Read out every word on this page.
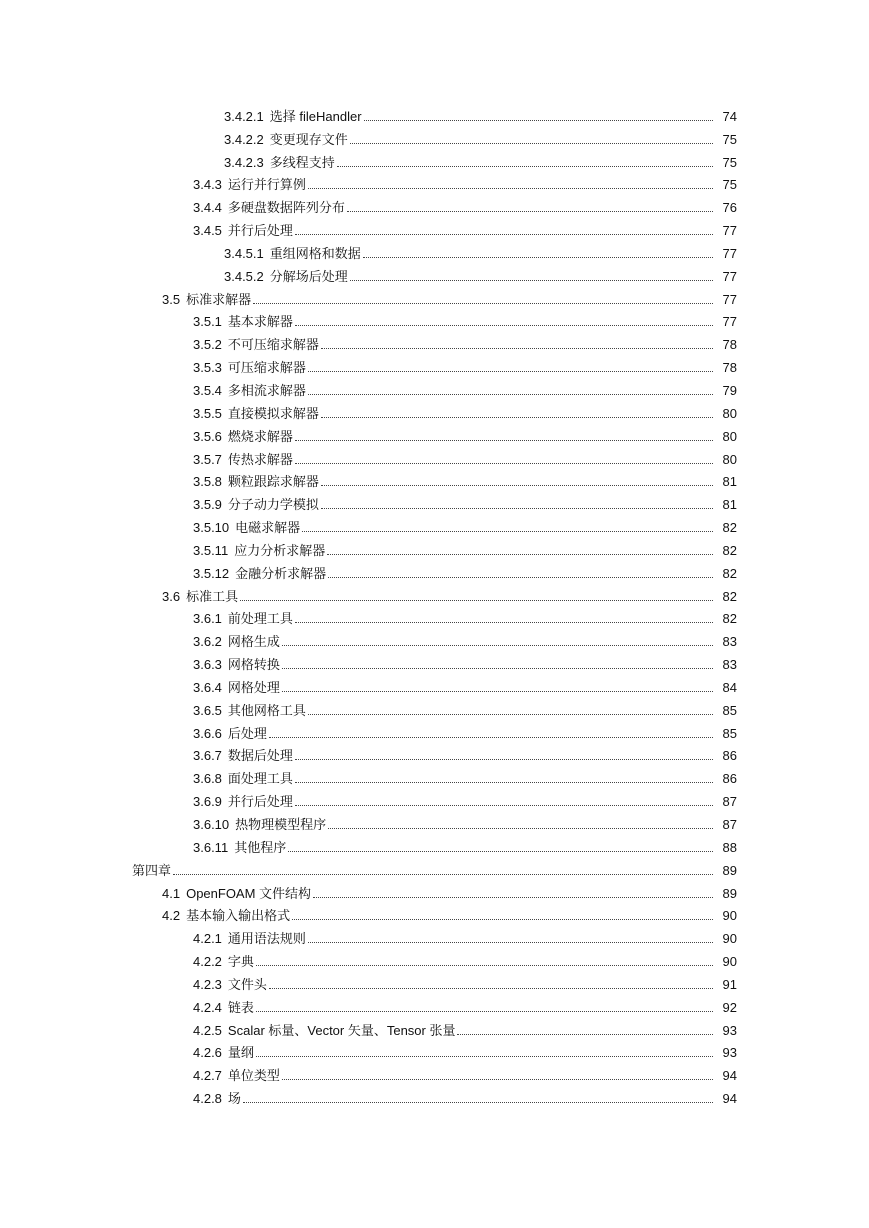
3.4.2.1 选择 fileHandler	74
3.4.2.2 变更现存文件	75
3.4.2.3 多线程支持	75
3.4.3 运行并行算例	75
3.4.4 多硬盘数据阵列分布	76
3.4.5 并行后处理	77
3.4.5.1 重组网格和数据	77
3.4.5.2 分解场后处理	77
3.5 标准求解器	77
3.5.1 基本求解器	77
3.5.2 不可压缩求解器	78
3.5.3 可压缩求解器	78
3.5.4 多相流求解器	79
3.5.5 直接模拟求解器	80
3.5.6 燃烧求解器	80
3.5.7 传热求解器	80
3.5.8 颗粒跟踪求解器	81
3.5.9 分子动力学模拟	81
3.5.10 电磁求解器	82
3.5.11 应力分析求解器	82
3.5.12 金融分析求解器	82
3.6 标准工具	82
3.6.1 前处理工具	82
3.6.2 网格生成	83
3.6.3 网格转换	83
3.6.4 网格处理	84
3.6.5 其他网格工具	85
3.6.6 后处理	85
3.6.7 数据后处理	86
3.6.8 面处理工具	86
3.6.9 并行后处理	87
3.6.10 热物理模型程序	87
3.6.11 其他程序	88
第四章	89
4.1 OpenFOAM 文件结构	89
4.2 基本输入输出格式	90
4.2.1 通用语法规则	90
4.2.2 字典	90
4.2.3 文件头	91
4.2.4 链表	92
4.2.5 Scalar 标量、Vector 矢量、Tensor 张量	93
4.2.6 量纲	93
4.2.7 单位类型	94
4.2.8 场	94
